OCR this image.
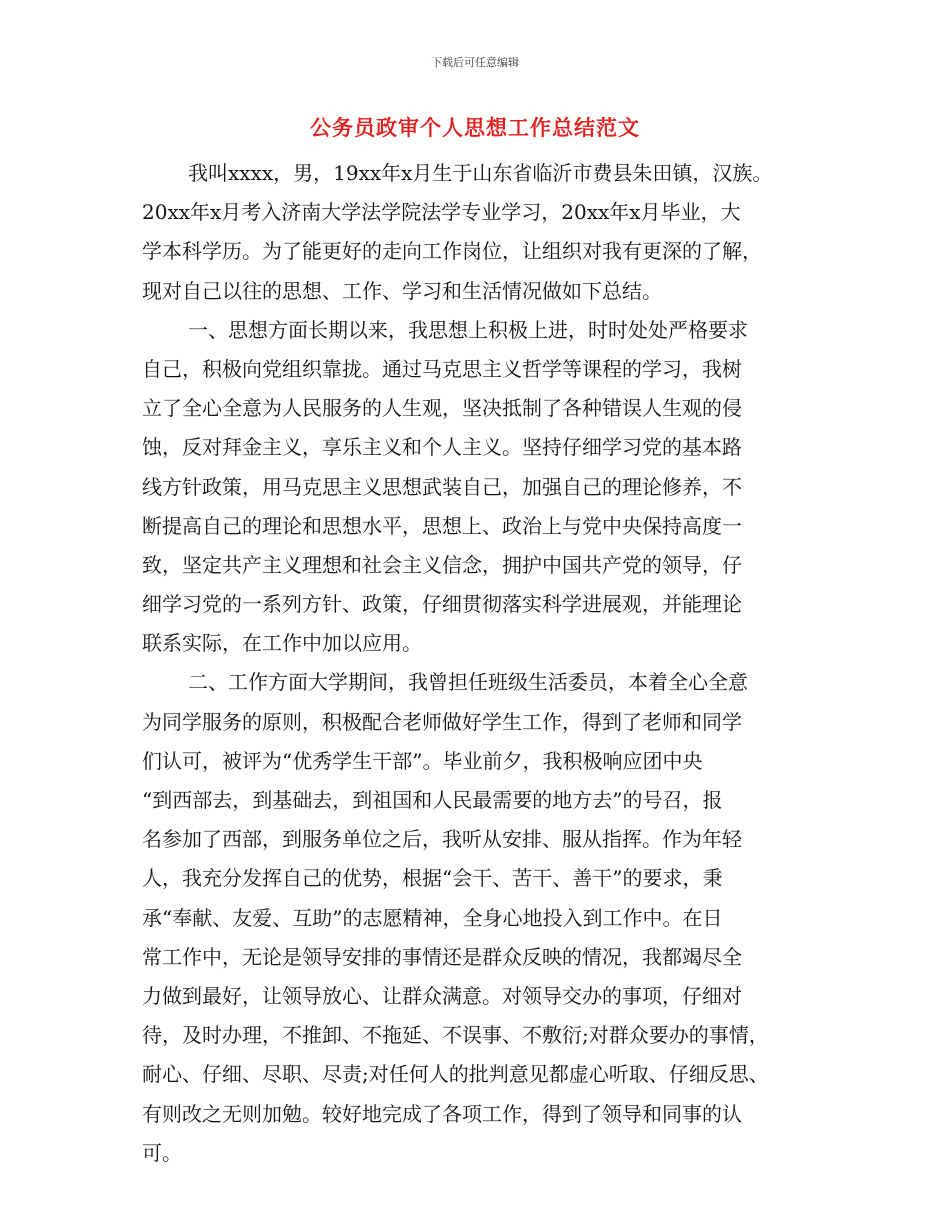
下载后可任意编辑
公务员政审个人思想工作总结范文
我叫xxxx，男，19xx年x月生于山东省临沂市费县朱田镇，汉族。
20xx年x月考入济南大学法学院法学专业学习，20xx年x月毕业，大
学本科学历。为了能更好的走向工作岗位，让组织对我有更深的了解，
现对自己以往的思想、工作、学习和生活情况做如下总结。
一、思想方面长期以来，我思想上积极上进，时时处处严格要求
自己，积极向党组织靠拢。通过马克思主义哲学等课程的学习，我树
立了全心全意为人民服务的人生观，坚决抵制了各种错误人生观的侵
蚀，反对拜金主义，享乐主义和个人主义。坚持仔细学习党的基本路
线方针政策，用马克思主义思想武装自己，加强自己的理论修养，不
断提高自己的理论和思想水平，思想上、政治上与党中央保持高度一
致，坚定共产主义理想和社会主义信念，拥护中国共产党的领导，仔
细学习党的一系列方针、政策，仔细贯彻落实科学进展观，并能理论
联系实际，在工作中加以应用。
二、工作方面大学期间，我曾担任班级生活委员，本着全心全意
为同学服务的原则，积极配合老师做好学生工作，得到了老师和同学
们认可，被评为“优秀学生干部”。毕业前夕，我积极响应团中央
“到西部去，到基础去，到祖国和人民最需要的地方去”的号召，报
名参加了西部，到服务单位之后，我听从安排、服从指挥。作为年轻
人，我充分发挥自己的优势，根据“会干、苦干、善干”的要求，秉
承“奉献、友爱、互助”的志愿精神，全身心地投入到工作中。在日
常工作中，无论是领导安排的事情还是群众反映的情况，我都竭尽全
力做到最好，让领导放心、让群众满意。对领导交办的事项，仔细对
待，及时办理，不推卸、不拖延、不误事、不敷衍;对群众要办的事情，
耐心、仔细、尽职、尽责;对任何人的批判意见都虚心听取、仔细反思、
有则改之无则加勉。较好地完成了各项工作，得到了领导和同事的认
可。
